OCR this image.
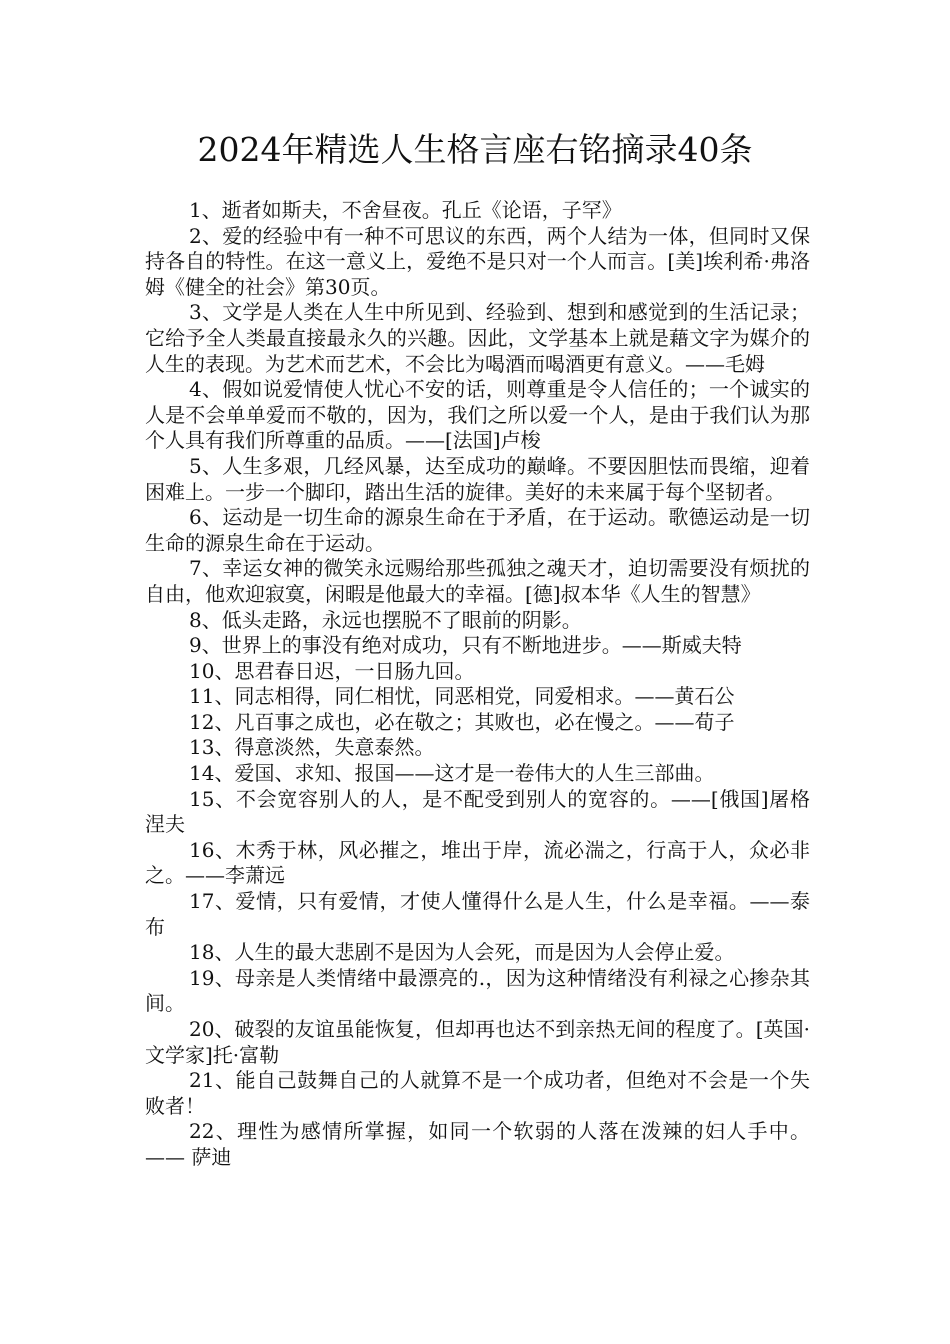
2024年精选人生格言座右铭摘录40条

1、逝者如斯夫，不舍昼夜。孔丘《论语，子罕》

2、爱的经验中有一种不可思议的东西，两个人结为一体，但同时又保持各自的特性。在这一意义上，爱绝不是只对一个人而言。[美]埃利希·弗洛姆《健全的社会》第30页。

3、文学是人类在人生中所见到、经验到、想到和感觉到的生活记录；它给予全人类最直接最永久的兴趣。因此，文学基本上就是藉文字为媒介的人生的表现。为艺术而艺术，不会比为喝酒而喝酒更有意义。——毛姆

4、假如说爱情使人忧心不安的话，则尊重是令人信任的；一个诚实的人是不会单单爱而不敬的，因为，我们之所以爱一个人，是由于我们认为那个人具有我们所尊重的品质。——[法国]卢梭

5、人生多艰，几经风暴，达至成功的巅峰。不要因胆怯而畏缩，迎着困难上。一步一个脚印，踏出生活的旋律。美好的未来属于每个坚韧者。

6、运动是一切生命的源泉生命在于矛盾，在于运动。歌德运动是一切生命的源泉生命在于运动。

7、幸运女神的微笑永远赐给那些孤独之魂天才，迫切需要没有烦扰的自由，他欢迎寂寞，闲暇是他最大的幸福。[德]叔本华《人生的智慧》

8、低头走路，永远也摆脱不了眼前的阴影。

9、世界上的事没有绝对成功，只有不断地进步。——斯威夫特

10、思君春日迟，一日肠九回。

11、同志相得，同仁相忧，同恶相党，同爱相求。——黄石公

12、凡百事之成也，必在敬之；其败也，必在慢之。——荀子

13、得意淡然，失意泰然。

14、爱国、求知、报国——这才是一卷伟大的人生三部曲。

15、不会宽容别人的人，是不配受到别人的宽容的。——[俄国]屠格涅夫

16、木秀于林，风必摧之，堆出于岸，流必湍之，行高于人，众必非之。——李萧远

17、爱情，只有爱情，才使人懂得什么是人生，什么是幸福。——泰布

18、人生的最大悲剧不是因为人会死，而是因为人会停止爱。

19、母亲是人类情绪中最漂亮的.，因为这种情绪没有利禄之心掺杂其间。

20、破裂的友谊虽能恢复，但却再也达不到亲热无间的程度了。[英国·文学家]托·富勒

21、能自己鼓舞自己的人就算不是一个成功者，但绝对不会是一个失败者！

22、理性为感情所掌握，如同一个软弱的人落在泼辣的妇人手中。—— 萨迪
